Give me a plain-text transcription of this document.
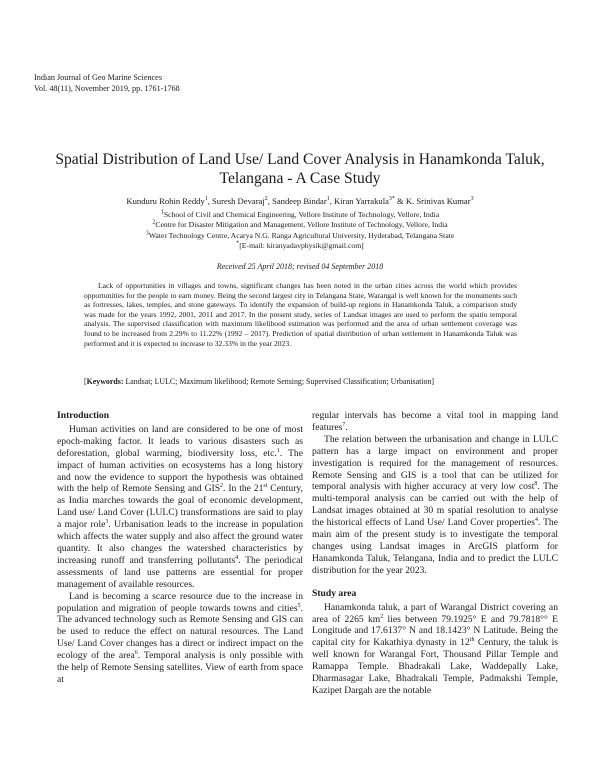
Indian Journal of Geo Marine Sciences
Vol. 48(11), November 2019, pp. 1761-1768
Spatial Distribution of Land Use/ Land Cover Analysis in Hanamkonda Taluk,
Telangana - A Case Study
Kunduru Rohin Reddy$^1$, Suresh Devaraj$^2$, Sandeep Bindar$^1$, Kiran Yarrakula$^{3*}$ & K. Srinivas Kumar$^3$
$^1$School of Civil and Chemical Engineering, Vellore Institute of Technology, Vellore, India
$^2$Centre for Disaster Mitigation and Management, Vellore Institute of Technology, Vellore, India
$^3$Water Technology Centre, Acarya N.G. Ranga Agricultural University, Hyderabad, Telangana State
*[E-mail: kiranyadavphysik@gmail.com]
Received 25 April 2018; revised 04 September 2018
Lack of opportunities in villages and towns, significant changes has been noted in the urban cities across the world which provides opportunities for the people to earn money. Being the second largest city in Telangana State, Warangal is well known for the monuments such as fortresses, lakes, temples, and stone gateways. To identify the expansion of build-up regions in Hanamkonda Taluk, a comparison study was made for the years 1992, 2001, 2011 and 2017. In the present study, series of Landsat images are used to perform the spatio temporal analysis. The supervised classification with maximum likelihood estimation was performed and the area of urban settlement coverage was found to be increased from 2.29% to 11.22% (1992 – 2017). Prediction of spatial distribution of urban settlement in Hanamkonda Taluk was performed and it is expected to increase to 32.33% in the year 2023.
[Keywords: Landsat; LULC; Maximum likelihood; Remote Sensing; Supervised Classification; Urbanisation]

Introduction

Human activities on land are considered to be one of most epoch-making factor. It leads to various disasters such as deforestation, global warming, biodiversity loss, etc.$^1$. The impact of human activities on ecosystems has a long history and now the evidence to support the hypothesis was obtained with the help of Remote Sensing and GIS$^2$. In the 21st Century, as India marches towards the goal of economic development, Land use/ Land Cover (LULC) transformations are said to play a major role$^3$. Urbanisation leads to the increase in population which affects the water supply and also affect the ground water quantity. It also changes the watershed characteristics by increasing runoff and transferring pollutants$^4$. The periodical assessments of land use patterns are essential for proper management of available resources.

Land is becoming a scarce resource due to the increase in population and migration of people towards towns and cities$^5$. The advanced technology such as Remote Sensing and GIS can be used to reduce the effect on natural resources. The Land Use/ Land Cover changes has a direct or indirect impact on the ecology of the area$^6$. Temporal analysis is only possible with the help of Remote Sensing satellites. View of earth from space at

regular intervals has become a vital tool in mapping land features$^7$.

The relation between the urbanisation and change in LULC pattern has a large impact on environment and proper investigation is required for the management of resources. Remote Sensing and GIS is a tool that can be utilized for temporal analysis with higher accuracy at very low cost$^8$. The multi-temporal analysis can be carried out with the help of Landsat images obtained at 30 m spatial resolution to analyse the historical effects of Land Use/ Land Cover properties$^4$. The main aim of the present study is to investigate the temporal changes using Landsat images in ArcGIS platform for Hanamkonda Taluk, Telangana, India and to predict the LULC distribution for the year 2023.

Study area

Hanamkonda taluk, a part of Warangal District covering an area of 2265 $km^2$ lies between 79.1925° E and 79.7818°° E Longitude and 17.6137° N and 18.1423° N Latitude. Being the capital city for Kakathiya dynasty in 12th Century, the taluk is well known for Warangal Fort, Thousand Pillar Temple and Ramappa Temple. Bhadrakali Lake, Waddepally Lake, Dharmasagar Lake, Bhadrakali Temple, Padmakshi Temple, Kazipet Dargah are the notable
